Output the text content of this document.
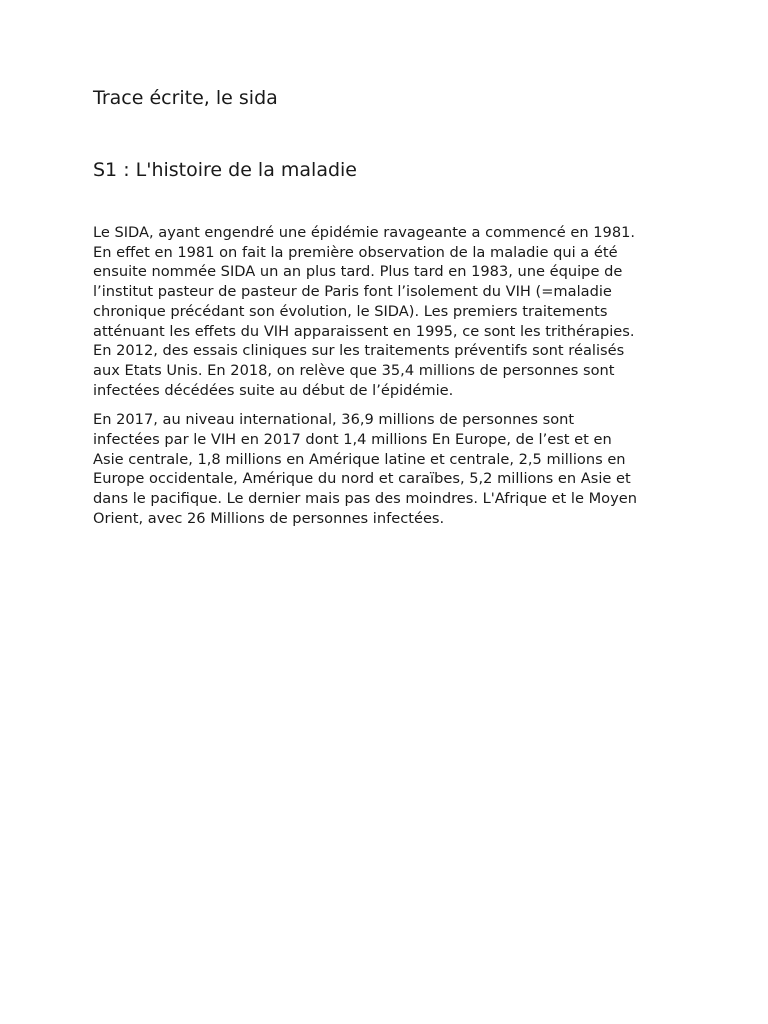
Trace écrite, le sida
S1 : L'histoire de la maladie

Le SIDA, ayant engendré une épidémie ravageante a commencé en 1981.
En effet en 1981 on fait la première observation de la maladie qui a été
ensuite nommée SIDA un an plus tard. Plus tard en 1983, une équipe de
l’institut pasteur de pasteur de Paris font l’isolement du VIH (=maladie
chronique précédant son évolution, le SIDA). Les premiers traitements
atténuant les effets du VIH apparaissent en 1995, ce sont les trithérapies.
En 2012, des essais cliniques sur les traitements préventifs sont réalisés
aux Etats Unis. En 2018, on relève que 35,4 millions de personnes sont
infectées décédées suite au début de l’épidémie.

En 2017, au niveau international, 36,9 millions de personnes sont
infectées par le VIH en 2017 dont 1,4 millions En Europe, de l’est et en
Asie centrale, 1,8 millions en Amérique latine et centrale, 2,5 millions en
Europe occidentale, Amérique du nord et caraïbes, 5,2 millions en Asie et
dans le pacifique. Le dernier mais pas des moindres. L'Afrique et le Moyen
Orient, avec 26 Millions de personnes infectées.
